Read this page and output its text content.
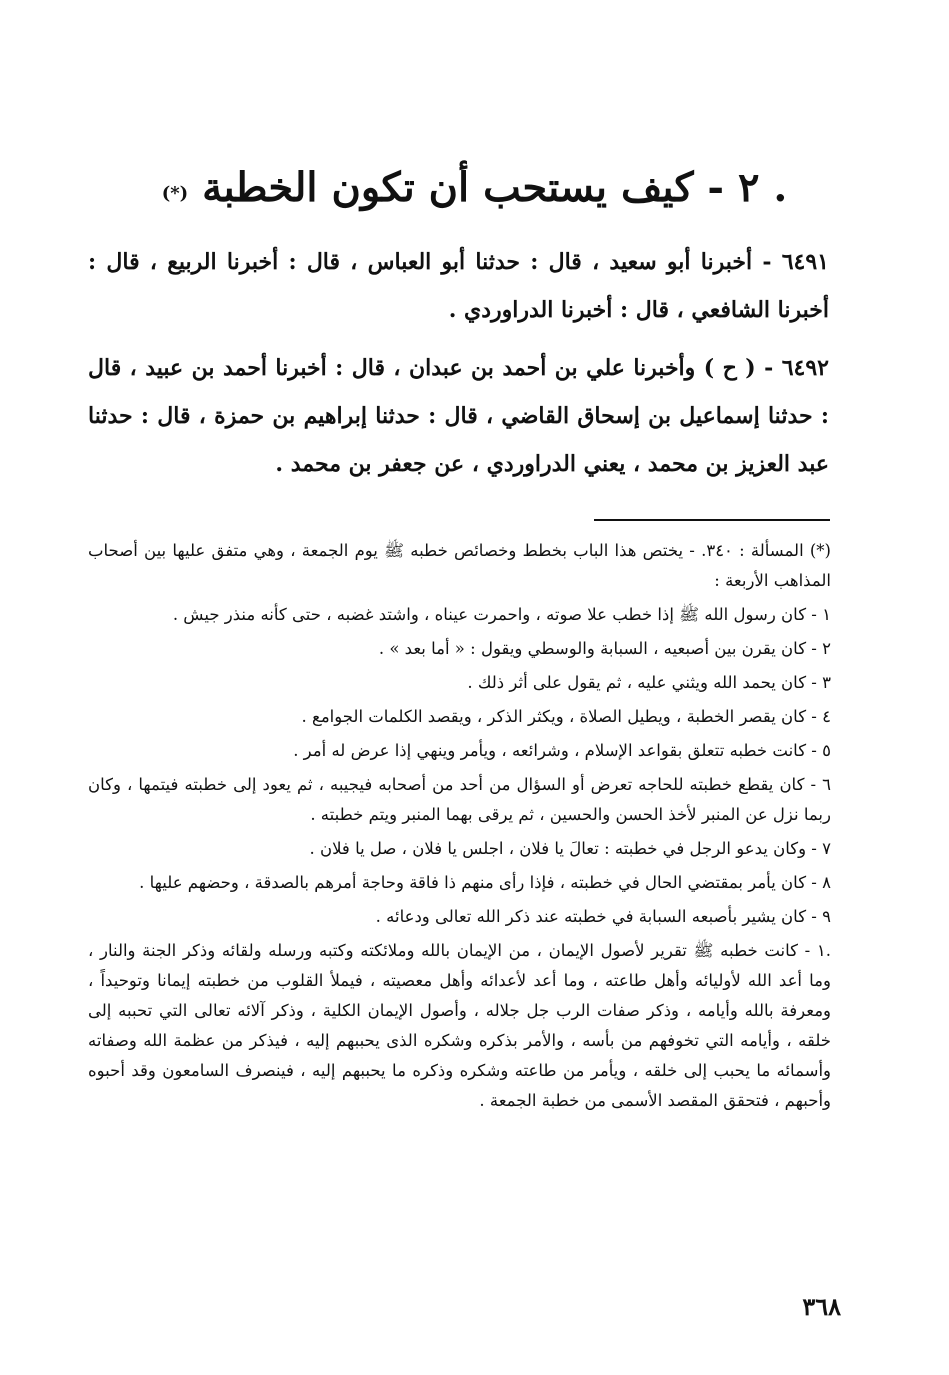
. ٢ - كيف يستحب أن تكون الخطبة (*)

٦٤٩١ - أخبرنا أبو سعيد ، قال : حدثنا أبو العباس ، قال : أخبرنا الربيع ، قال : أخبرنا الشافعي ، قال : أخبرنا الدراوردي .

٦٤٩٢ - ( ح ) وأخبرنا علي بن أحمد بن عبدان ، قال : أخبرنا أحمد بن عبيد ، قال : حدثنا إسماعيل بن إسحاق القاضي ، قال : حدثنا إبراهيم بن حمزة ، قال : حدثنا عبد العزيز بن محمد ، يعني الدراوردي ، عن جعفر بن محمد .

(*) المسألة : ٣٤٠. - يختص هذا الباب بخطط وخصائص خطبه ﷺ يوم الجمعة ، وهي متفق عليها بين أصحاب المذاهب الأربعة :

١ - كان رسول الله ﷺ إذا خطب علا صوته ، واحمرت عيناه ، واشتد غضبه ، حتى كأنه منذر جيش .

٢ - كان يقرن بين أصبعيه ، السبابة والوسطي ويقول : « أما بعد » .

٣ - كان يحمد الله ويثني عليه ، ثم يقول على أثر ذلك .

٤ - كان يقصر الخطبة ، ويطيل الصلاة ، ويكثر الذكر ، ويقصد الكلمات الجوامع .

٥ - كانت خطبه تتعلق بقواعد الإسلام ، وشرائعه ، ويأمر وينهي إذا عرض له أمر .

٦ - كان يقطع خطبته للحاجه تعرض أو السؤال من أحد من أصحابه فيجيبه ، ثم يعود إلى خطبته فيتمها ، وكان ربما نزل عن المنبر لأخذ الحسن والحسين ، ثم يرقى بهما المنبر ويتم خطبته .

٧ - وكان يدعو الرجل في خطبته : تعالَ يا فلان ، اجلس يا فلان ، صل يا فلان .

٨ - كان يأمر بمقتضي الحال في خطبته ، فإذا رأى منهم ذا فاقة وحاجة أمرهم بالصدقة ، وحضهم عليها .

٩ - كان يشير بأصبعه السبابة في خطبته عند ذكر الله تعالى ودعائه .

.١ - كانت خطبه ﷺ تقرير لأصول الإيمان ، من الإيمان بالله وملائكته وكتبه ورسله ولقائه وذكر الجنة والنار ، وما أعد الله لأوليائه وأهل طاعته ، وما أعد لأعدائه وأهل معصيته ، فيملأ القلوب من خطبته إيمانا وتوحيداً ، ومعرفة بالله وأيامه ، وذكر صفات الرب جل جلاله ، وأصول الإيمان الكلية ، وذكر آلائه تعالى التي تحببه إلى خلقه ، وأيامه التي تخوفهم من بأسه ، والأمر بذكره وشكره الذى يحببهم إليه ، فيذكر من عظمة الله وصفاته وأسمائه ما يحبب إلى خلقه ، ويأمر من طاعته وشكره وذكره ما يحببهم إليه ، فينصرف السامعون وقد أحبوه وأحبهم ، فتحقق المقصد الأسمى من خطبة الجمعة .

٣٦٨
